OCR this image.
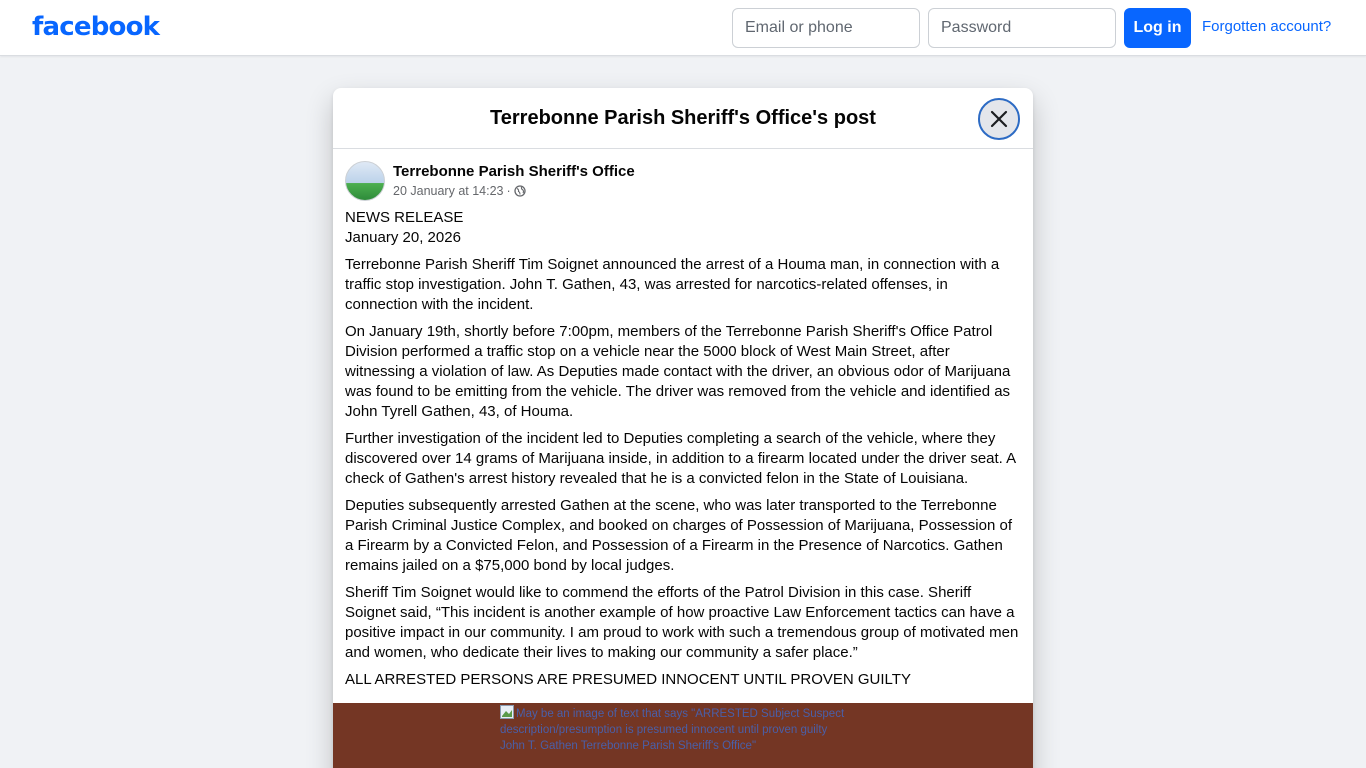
facebook
Email or phone	Log in	Forgotten account?
Terrebonne Parish Sheriff's Office's post
Terrebonne Parish Sheriff's Office
20 January at 14:23 ·

NEWS RELEASE
January 20, 2026

Terrebonne Parish Sheriff Tim Soignet announced the arrest of a Houma man, in connection with a traffic stop investigation. John T. Gathen, 43, was arrested for narcotics-related offenses, in connection with the incident.

On January 19th, shortly before 7:00pm, members of the Terrebonne Parish Sheriff's Office Patrol Division performed a traffic stop on a vehicle near the 5000 block of West Main Street, after witnessing a violation of law. As Deputies made contact with the driver, an obvious odor of Marijuana was found to be emitting from the vehicle. The driver was removed from the vehicle and identified as John Tyrell Gathen, 43, of Houma.

Further investigation of the incident led to Deputies completing a search of the vehicle, where they discovered over 14 grams of Marijuana inside, in addition to a firearm located under the driver seat. A check of Gathen's arrest history revealed that he is a convicted felon in the State of Louisiana.

Deputies subsequently arrested Gathen at the scene, who was later transported to the Terrebonne Parish Criminal Justice Complex, and booked on charges of Possession of Marijuana, Possession of a Firearm by a Convicted Felon, and Possession of a Firearm in the Presence of Narcotics. Gathen remains jailed on a $75,000 bond by local judges.

Sheriff Tim Soignet would like to commend the efforts of the Patrol Division in this case. Sheriff Soignet said, “This incident is another example of how proactive Law Enforcement tactics can have a positive impact in our community. I am proud to work with such a tremendous group of motivated men and women, who dedicate their lives to making our community a safer place.”

ALL ARRESTED PERSONS ARE PRESUMED INNOCENT UNTIL PROVEN GUILTY

May be an image of text that says "ARRESTED Subject Suspect description/presumption is presumed innocent until proven guilty John T. Gathen Terrebonne Parish Sheriff's Office"
